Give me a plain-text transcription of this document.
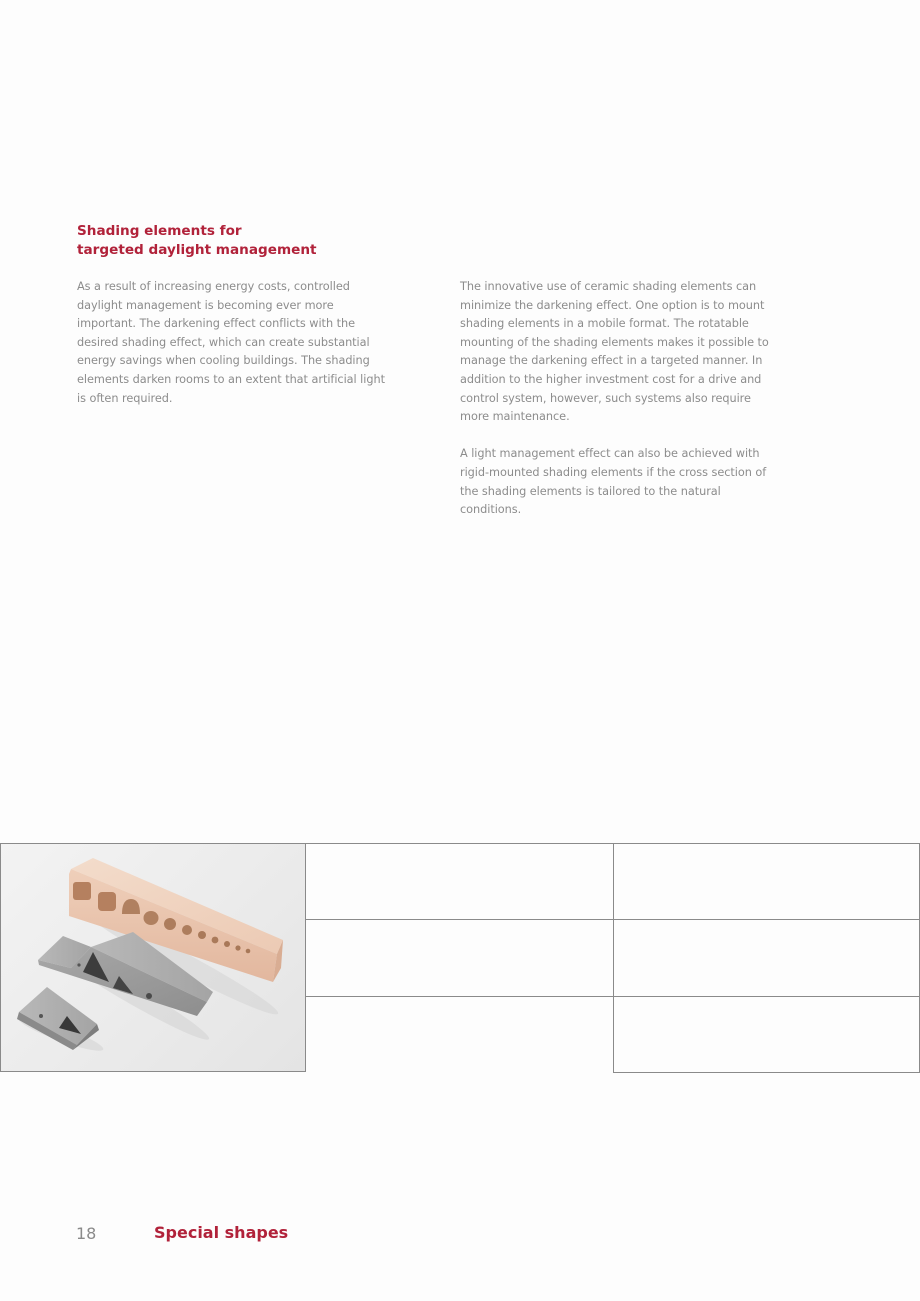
Shading elements for
targeted daylight management

As a result of increasing energy costs, controlled daylight management is becoming ever more important. The darkening effect conflicts with the desired shading effect, which can create substantial energy savings when cooling buildings. The shading elements darken rooms to an extent that artificial light is often required.

The innovative use of ceramic shading elements can minimize the darkening effect. One option is to mount shading elements in a mobile format. The rotatable mounting of the shading elements makes it possible to manage the darkening effect in a targeted manner. In addition to the higher investment cost for a drive and control system, however, such systems also require more maintenance.

A light management effect can also be achieved with rigid-mounted shading elements if the cross section of the shading elements is tailored to the natural conditions.

18	Special shapes
